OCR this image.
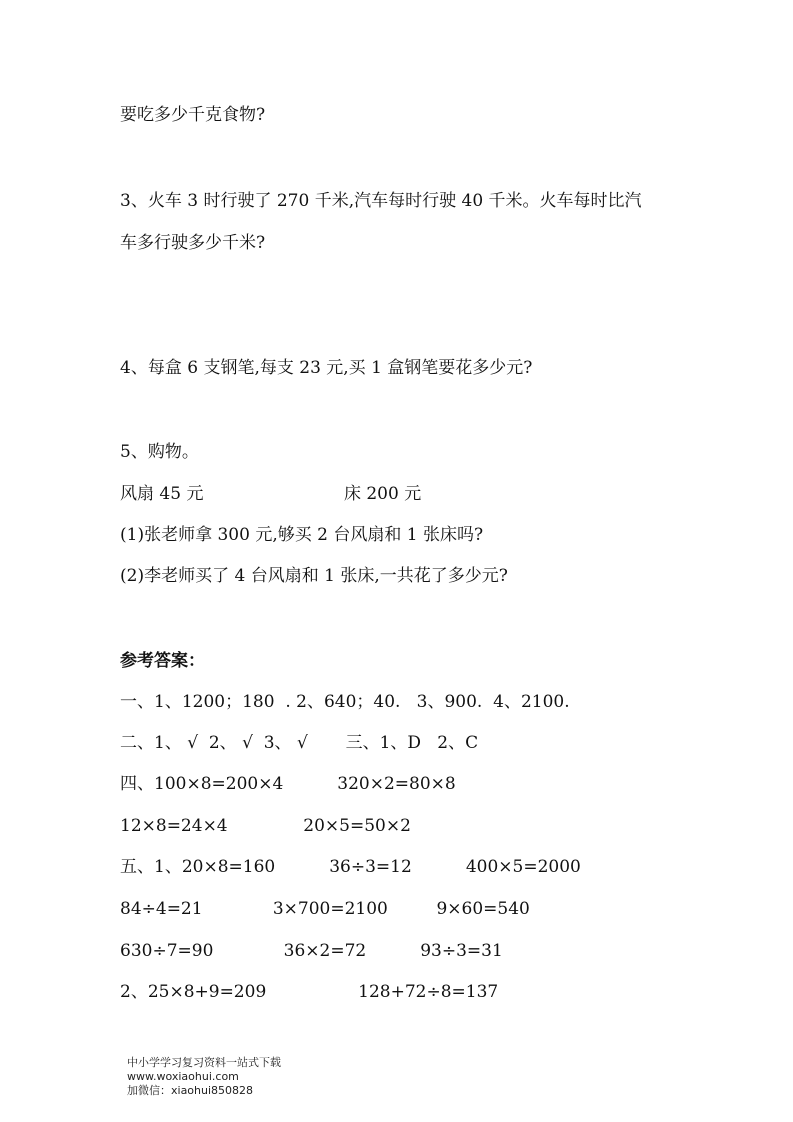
要吃多少千克食物?

3、火车 3 时行驶了 270 千米,汽车每时行驶 40 千米。火车每时比汽

车多行驶多少千米?

4、每盒 6 支钢笔,每支 23 元,买 1 盒钢笔要花多少元?

5、购物。

风扇 45 元                          床 200 元

(1)张老师拿 300 元,够买 2 台风扇和 1 张床吗?

(2)李老师买了 4 台风扇和 1 张床,一共花了多少元?

参考答案：

一、1、1200；180  . 2、640；40.   3、900.  4、2100.

二、1、 √  2、 √  3、 √       三、1、D   2、C

四、100×8=200×4          320×2=80×8

12×8=24×4              20×5=50×2

五、1、20×8=160          36÷3=12          400×5=2000

84÷4=21             3×700=2100         9×60=540

630÷7=90             36×2=72          93÷3=31

2、25×8+9=209                 128+72÷8=137

中小学学习复习资料一站式下载
www.woxiaohui.com
加微信：xiaohui850828
